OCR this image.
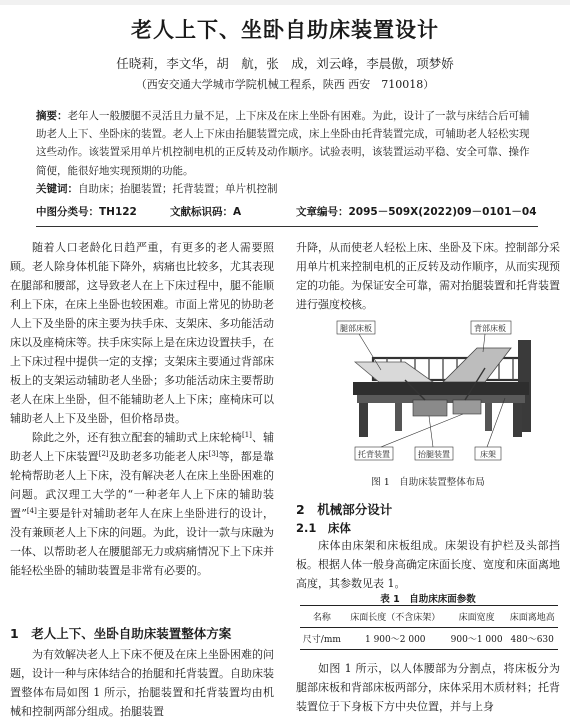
老人上下、坐卧自助床装置设计
任晓莉，李文华，胡　航，张　成，刘云峰，李晨傲，项梦娇
（西安交通大学城市学院机械工程系，陕西 西安　710018）

摘要：老年人一般腰腿不灵活且力量不足，上下床及在床上坐卧有困难。为此，设计了一款与床结合后可辅助老人上下、坐卧床的装置。老人上下床由抬腿装置完成，床上坐卧由托背装置完成，可辅助老人轻松实现这些动作。该装置采用单片机控制电机的正反转及动作顺序。试验表明，该装置运动平稳、安全可靠、操作简便，能很好地实现预期的功能。

关键词：自助床；抬腿装置；托背装置；单片机控制

中图分类号：TH122	文献标识码：A	文章编号：2095－509X(2022)09－0101－04

随着人口老龄化日趋严重，有更多的老人需要照顾。老人除身体机能下降外，病痛也比较多，尤其表现在腿部和腰部，这导致老人在上下床过程中，腿不能顺利上下床，在床上坐卧也较困难。市面上常见的协助老人上下及坐卧的床主要为扶手床、支架床、多功能活动床以及座椅床等。扶手床实际上是在床边设置扶手，在上下床过程中提供一定的支撑；支架床主要通过背部床板上的支架运动辅助老人坐卧；多功能活动床主要帮助老人在床上坐卧，但不能辅助老人上下床；座椅床可以辅助老人上下及坐卧，但价格昂贵。

除此之外，还有独立配套的辅助式上床轮椅[1]、辅助老人上下床装置[2]及助老多功能老人床[3]等，都是靠轮椅帮助老人上下床，没有解决老人在床上坐卧困难的问题。武汉理工大学的“一种老年人上下床的辅助装置”[4]主要是针对辅助老年人在床上坐卧进行的设计，没有兼顾老人上下床的问题。为此，设计一款与床融为一体、以帮助老人在腰腿部无力或病痛情况下上下床并能轻松坐卧的辅助装置是非常有必要的。

1　老人上下、坐卧自助床装置整体方案

为有效解决老人上下床不便及在床上坐卧困难的问题，设计一种与床体结合的抬腿和托背装置。自助床装置整体布局如图 1 所示，抬腿装置和托背装置均由机械和控制两部分组成。抬腿装置

升降，从而使老人轻松上床、坐卧及下床。控制部分采用单片机来控制电机的正反转及动作顺序，从而实现预定的功能。为保证安全可靠，需对抬腿装置和托背装置进行强度校核。

腿部床板	背部床板
托背装置	抬腿装置	床架
图 1　自助床装置整体布局
2　机械部分设计
2.1　床体

床体由床架和床板组成。床架设有护栏及头部挡板。根据人体一般身高确定床面长度、宽度和床面离地高度，其参数见表 1。

表 1　自助床床面参数
名称	床面长度（不含床架）	床面宽度	床面离地高
尺寸/mm	1 900～2 000	900～1 000	480～630

如图 1 所示，以人体腰部为分割点，将床板分为腿部床板和背部床板两部分，床体采用木质材料；托背装置位于下身板下方中央位置，并与上身
